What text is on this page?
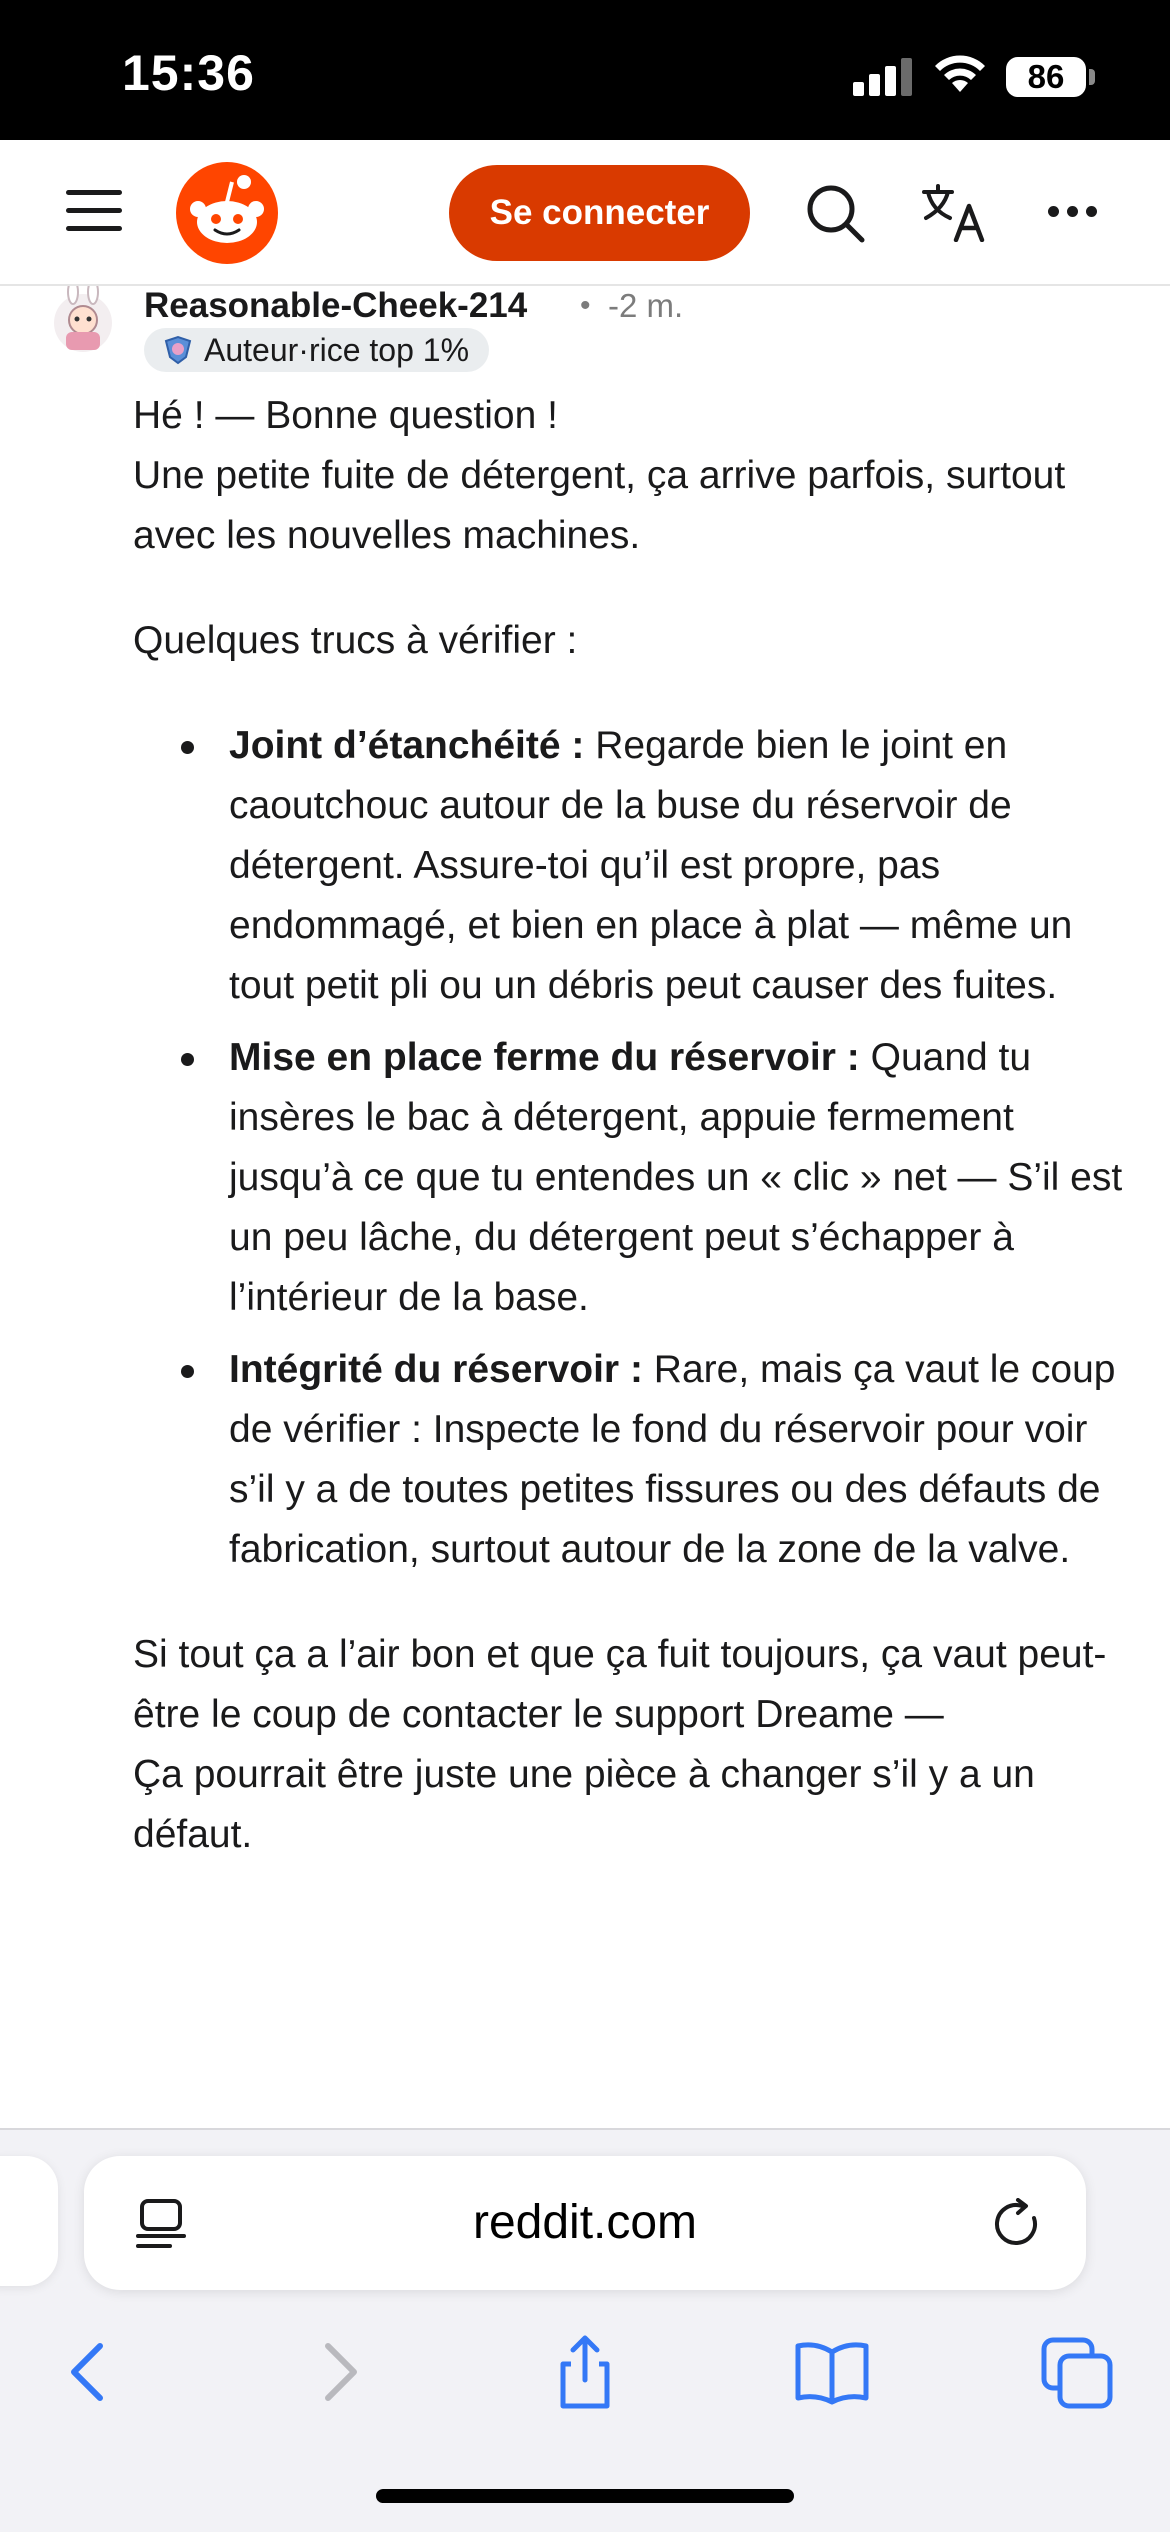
15:36	86
Se connecter
Reasonable-Cheek-214 • -2 m.
Auteur·rice top 1%

Hé ! — Bonne question !

Une petite fuite de détergent, ça arrive parfois, surtout avec les nouvelles machines.

Quelques trucs à vérifier :

Joint d’étanchéité : Regarde bien le joint en caoutchouc autour de la buse du réservoir de détergent. Assure-toi qu’il est propre, pas endommagé, et bien en place à plat — même un tout petit pli ou un débris peut causer des fuites.
Mise en place ferme du réservoir : Quand tu insères le bac à détergent, appuie fermement jusqu’à ce que tu entendes un « clic » net — S’il est un peu lâche, du détergent peut s’échapper à l’intérieur de la base.
Intégrité du réservoir : Rare, mais ça vaut le coup de vérifier : Inspecte le fond du réservoir pour voir s’il y a de toutes petites fissures ou des défauts de fabrication, surtout autour de la zone de la valve.

Si tout ça a l’air bon et que ça fuit toujours, ça vaut peut-être le coup de contacter le support Dreame —

Ça pourrait être juste une pièce à changer s’il y a un défaut.

reddit.com
